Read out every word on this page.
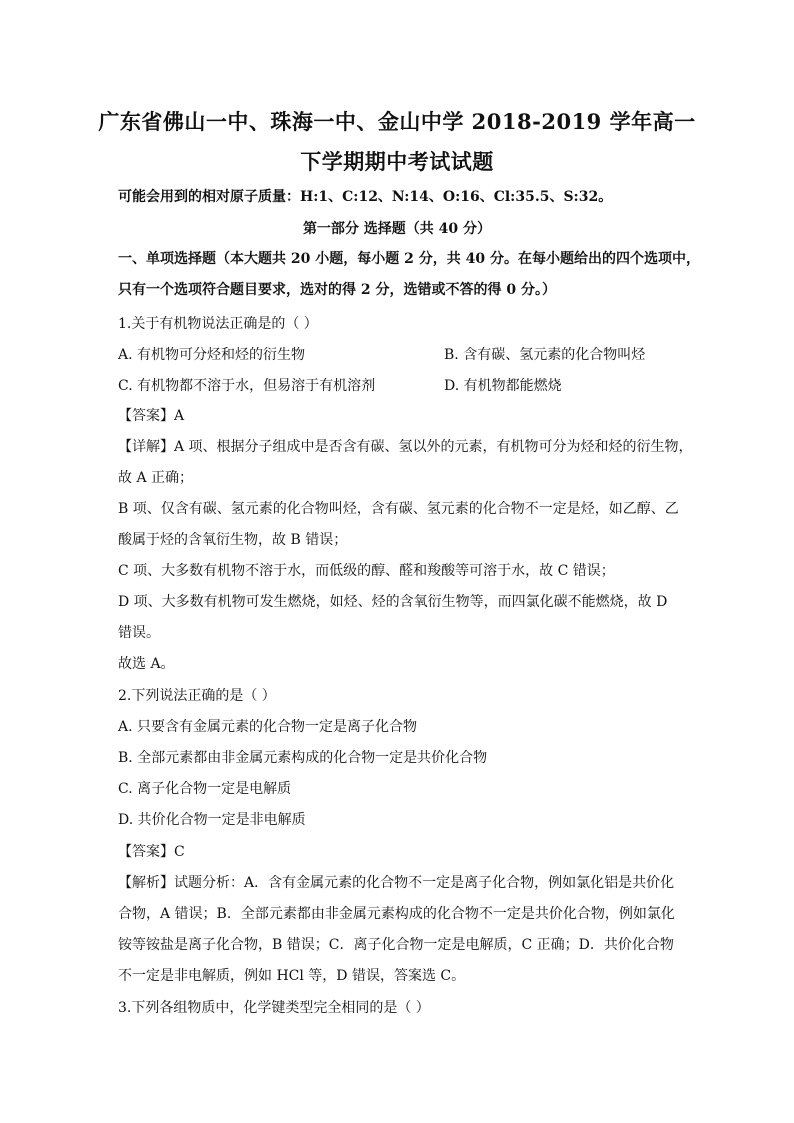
广东省佛山一中、珠海一中、金山中学 2018-2019 学年高一
下学期期中考试试题
可能会用到的相对原子质量：H:1、C:12、N:14、O:16、Cl:35.5、S:32。
第一部分 选择题（共 40 分）
一、单项选择题（本大题共 20 小题，每小题 2 分，共 40 分。在每小题给出的四个选项中，
只有一个选项符合题目要求，选对的得 2 分，选错或不答的得 0 分。）
1.关于有机物说法正确是的（ ）
A. 有机物可分烃和烃的衍生物	B. 含有碳、氢元素的化合物叫烃
C. 有机物都不溶于水，但易溶于有机溶剂	D. 有机物都能燃烧
【答案】A
【详解】A 项、根据分子组成中是否含有碳、氢以外的元素，有机物可分为烃和烃的衍生物，
故 A 正确；
B 项、仅含有碳、氢元素的化合物叫烃，含有碳、氢元素的化合物不一定是烃，如乙醇、乙
酸属于烃的含氧衍生物，故 B 错误；
C 项、大多数有机物不溶于水，而低级的醇、醛和羧酸等可溶于水，故 C 错误；
D 项、大多数有机物可发生燃烧，如烃、烃的含氧衍生物等，而四氯化碳不能燃烧，故 D
错误。
故选 A。
2.下列说法正确的是（ ）
A. 只要含有金属元素的化合物一定是离子化合物
B. 全部元素都由非金属元素构成的化合物一定是共价化合物
C. 离子化合物一定是电解质
D. 共价化合物一定是非电解质
【答案】C
【解析】试题分析：A．含有金属元素的化合物不一定是离子化合物，例如氯化铝是共价化
合物，A 错误；B．全部元素都由非金属元素构成的化合物不一定是共价化合物，例如氯化
铵等铵盐是离子化合物，B 错误；C．离子化合物一定是电解质，C 正确；D．共价化合物
不一定是非电解质，例如 HCl 等，D 错误，答案选 C。
3.下列各组物质中，化学键类型完全相同的是（ ）
